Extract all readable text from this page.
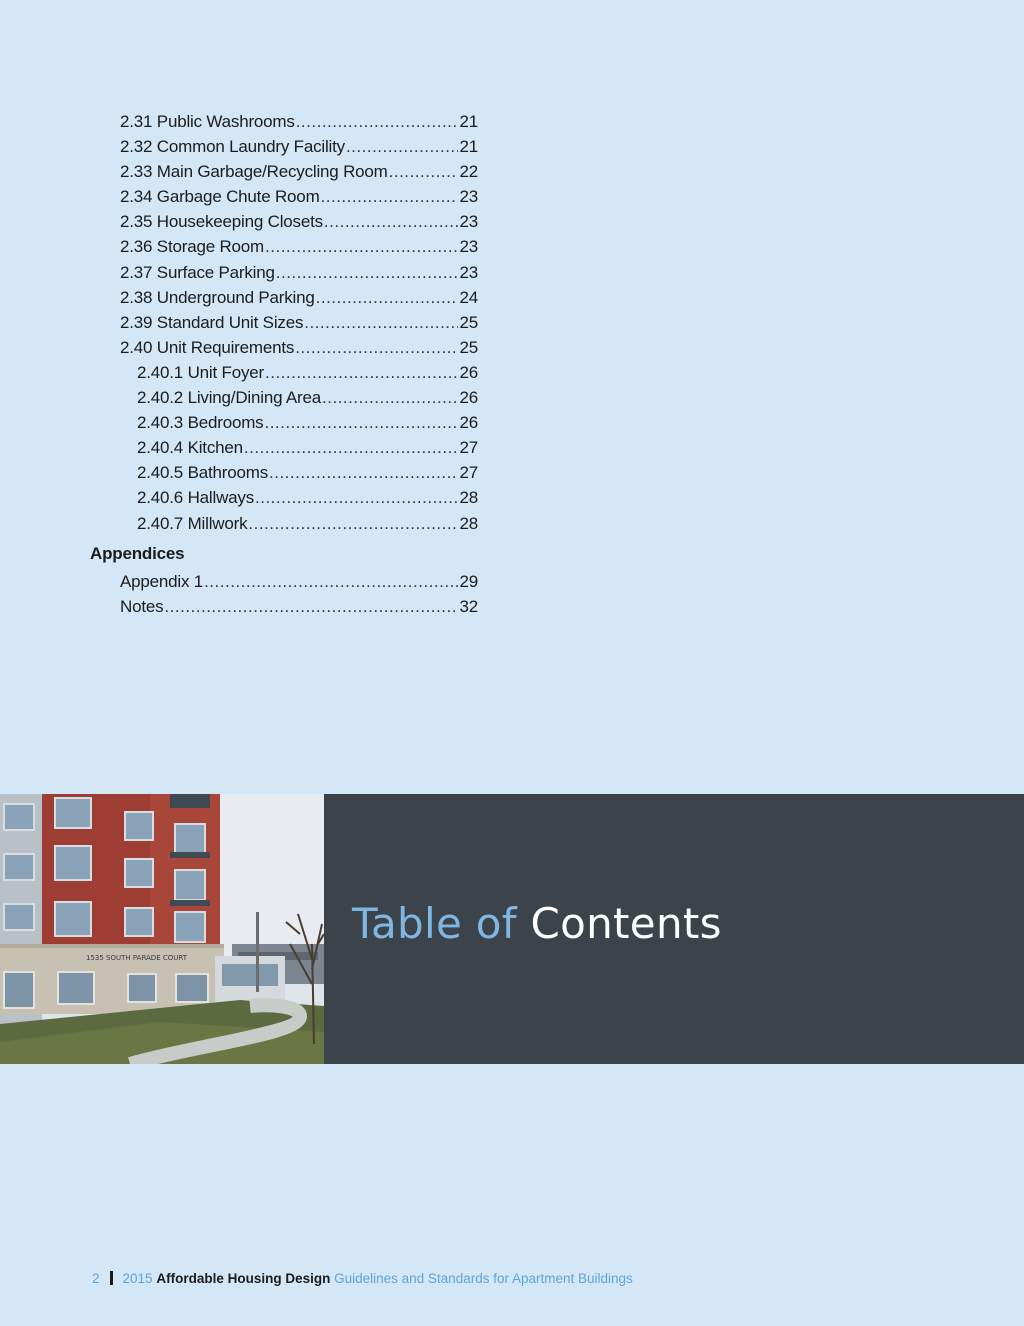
2.31 Public Washrooms .....	21
2.32 Common Laundry Facility .....	21
2.33 Main Garbage/Recycling Room .....	22
2.34 Garbage Chute Room .....	23
2.35 Housekeeping Closets .....	23
2.36 Storage Room .....	23
2.37 Surface Parking .....	23
2.38 Underground Parking .....	24
2.39 Standard Unit Sizes .....	25
2.40 Unit Requirements .....	25
2.40.1 Unit Foyer .....	26
2.40.2 Living/Dining Area .....	26
2.40.3 Bedrooms .....	26
2.40.4 Kitchen .....	27
2.40.5 Bathrooms .....	27
2.40.6 Hallways .....	28
2.40.7 Millwork .....	28
Appendices
Appendix 1 .....	29
Notes .....	32
1535 SOUTH PARADE COURT
Table of Contents
2 2015 Affordable Housing Design Guidelines and Standards for Apartment Buildings
